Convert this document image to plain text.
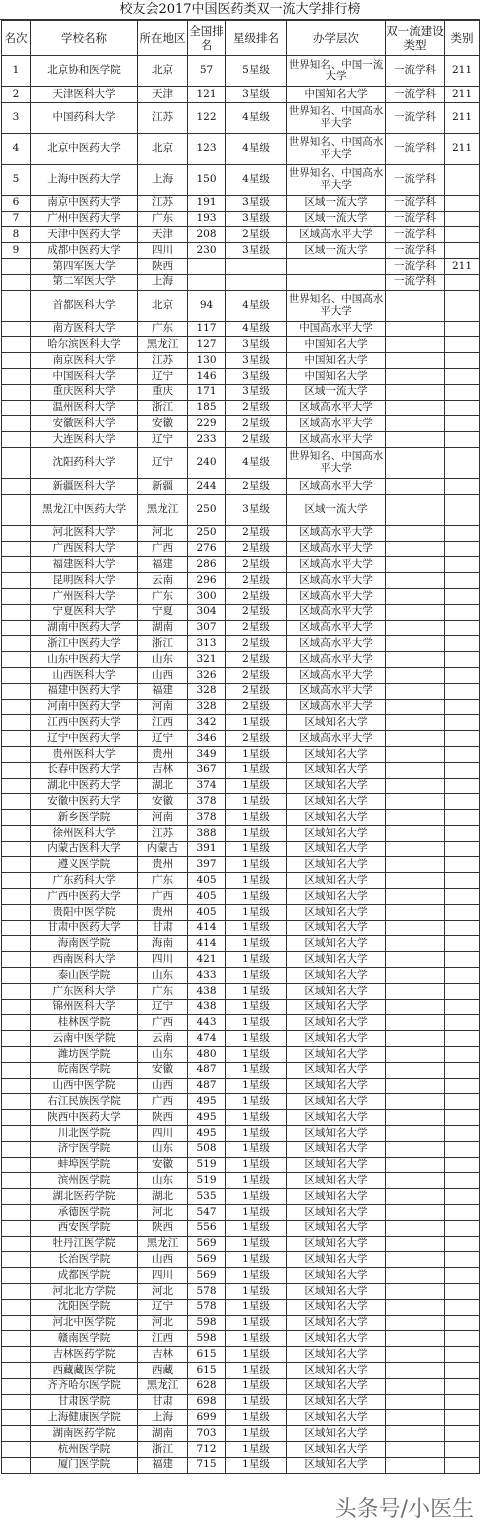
校友会2017中国医药类双一流大学排行榜
名次	学校名称	所在地区	全国排名	星级排名	办学层次	双一流建设类型	类别
1	北京协和医学院	北京	57	5星级	世界知名、中国一流大学	一流学科	211
2	天津医科大学	天津	121	3星级	中国知名大学	一流学科	211
3	中国药科大学	江苏	122	4星级	世界知名、中国高水平大学	一流学科	211
4	北京中医药大学	北京	123	4星级	世界知名、中国高水平大学	一流学科	211
5	上海中医药大学	上海	150	4星级	世界知名、中国高水平大学	一流学科	
6	南京中医药大学	江苏	191	3星级	区域一流大学	一流学科	
7	广州中医药大学	广东	193	3星级	区域一流大学	一流学科	
8	天津中医药大学	天津	208	2星级	区域高水平大学	一流学科	
9	成都中医药大学	四川	230	3星级	区域一流大学	一流学科	
	第四军医大学	陕西				一流学科	211
	第二军医大学	上海				一流学科	
	首都医科大学	北京	94	4星级	世界知名、中国高水平大学		
	南方医科大学	广东	117	4星级	中国高水平大学		
	哈尔滨医科大学	黑龙江	127	3星级	中国知名大学		
	南京医科大学	江苏	130	3星级	中国知名大学		
	中国医科大学	辽宁	146	3星级	中国知名大学		
	重庆医科大学	重庆	171	3星级	区域一流大学		
	温州医科大学	浙江	185	2星级	区域高水平大学		
	安徽医科大学	安徽	229	2星级	区域高水平大学		
	大连医科大学	辽宁	233	2星级	区域高水平大学		
	沈阳药科大学	辽宁	240	4星级	世界知名、中国高水平大学		
	新疆医科大学	新疆	244	2星级	区域高水平大学		
	黑龙江中医药大学	黑龙江	250	3星级	区域一流大学		
	河北医科大学	河北	250	2星级	区域高水平大学		
	广西医科大学	广西	276	2星级	区域高水平大学		
	福建医科大学	福建	286	2星级	区域高水平大学		
	昆明医科大学	云南	296	2星级	区域高水平大学		
	广州医科大学	广东	300	2星级	区域高水平大学		
	宁夏医科大学	宁夏	304	2星级	区域高水平大学		
	湖南中医药大学	湖南	307	2星级	区域高水平大学		
	浙江中医药大学	浙江	313	2星级	区域高水平大学		
	山东中医药大学	山东	321	2星级	区域高水平大学		
	山西医科大学	山西	326	2星级	区域高水平大学		
	福建中医药大学	福建	328	2星级	区域高水平大学		
	河南中医药大学	河南	328	2星级	区域高水平大学		
	江西中医药大学	江西	342	1星级	区域知名大学		
	辽宁中医药大学	辽宁	346	2星级	区域高水平大学		
	贵州医科大学	贵州	349	1星级	区域知名大学		
	长春中医药大学	吉林	367	1星级	区域知名大学		
	湖北中医药大学	湖北	374	1星级	区域知名大学		
	安徽中医药大学	安徽	378	1星级	区域知名大学		
	新乡医学院	河南	378	1星级	区域知名大学		
	徐州医科大学	江苏	388	1星级	区域知名大学		
	内蒙古医科大学	内蒙古	391	1星级	区域知名大学		
	遵义医学院	贵州	397	1星级	区域知名大学		
	广东药科大学	广东	405	1星级	区域知名大学		
	广西中医药大学	广西	405	1星级	区域知名大学		
	贵阳中医学院	贵州	405	1星级	区域知名大学		
	甘肃中医药大学	甘肃	414	1星级	区域知名大学		
	海南医学院	海南	414	1星级	区域知名大学		
	西南医科大学	四川	421	1星级	区域知名大学		
	泰山医学院	山东	433	1星级	区域知名大学		
	广东医科大学	广东	438	1星级	区域知名大学		
	锦州医科大学	辽宁	438	1星级	区域知名大学		
	桂林医学院	广西	443	1星级	区域知名大学		
	云南中医学院	云南	474	1星级	区域知名大学		
	潍坊医学院	山东	480	1星级	区域知名大学		
	皖南医学院	安徽	487	1星级	区域知名大学		
	山西中医学院	山西	487	1星级	区域知名大学		
	右江民族医学院	广西	495	1星级	区域知名大学		
	陕西中医药大学	陕西	495	1星级	区域知名大学		
	川北医学院	四川	495	1星级	区域知名大学		
	济宁医学院	山东	508	1星级	区域知名大学		
	蚌埠医学院	安徽	519	1星级	区域知名大学		
	滨州医学院	山东	519	1星级	区域知名大学		
	湖北医药学院	湖北	535	1星级	区域知名大学		
	承德医学院	河北	547	1星级	区域知名大学		
	西安医学院	陕西	556	1星级	区域知名大学		
	牡丹江医学院	黑龙江	569	1星级	区域知名大学		
	长治医学院	山西	569	1星级	区域知名大学		
	成都医学院	四川	569	1星级	区域知名大学		
	河北北方学院	河北	578	1星级	区域知名大学		
	沈阳医学院	辽宁	578	1星级	区域知名大学		
	河北中医学院	河北	598	1星级	区域知名大学		
	赣南医学院	江西	598	1星级	区域知名大学		
	吉林医药学院	吉林	615	1星级	区域知名大学		
	西藏藏医学院	西藏	615	1星级	区域知名大学		
	齐齐哈尔医学院	黑龙江	628	1星级	区域知名大学		
	甘肃医学院	甘肃	698	1星级	区域知名大学		
	上海健康医学院	上海	699	1星级	区域知名大学		
	湖南医药学院	湖南	703	1星级	区域知名大学		
	杭州医学院	浙江	712	1星级	区域知名大学		
	厦门医学院	福建	715	1星级	区域知名大学		
头条号/小医生
